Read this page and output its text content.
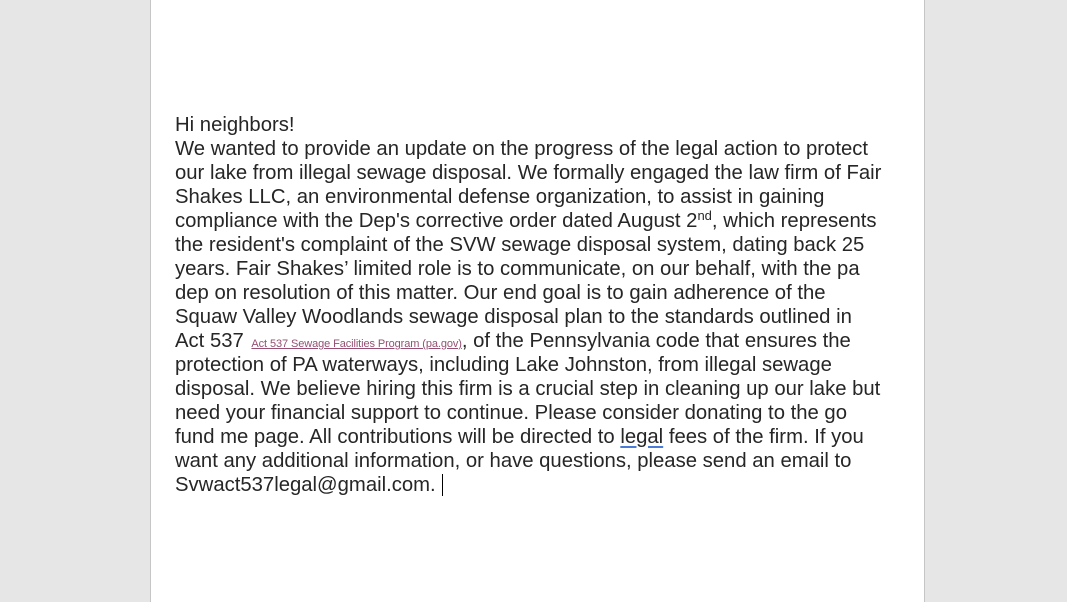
Hi neighbors!
We wanted to provide an update on the progress of the legal action to protect
our lake from illegal sewage disposal. We formally engaged the law firm of Fair
Shakes LLC, an environmental defense organization, to assist in gaining
compliance with the Dep's corrective order dated August 2nd, which represents
the resident's complaint of the SVW sewage disposal system, dating back 25
years. Fair Shakes’ limited role is to communicate, on our behalf, with the pa
dep on resolution of this matter. Our end goal is to gain adherence of the
Squaw Valley Woodlands sewage disposal plan to the standards outlined in
Act 537 Act 537 Sewage Facilities Program (pa.gov), of the Pennsylvania code that ensures the
protection of PA waterways, including Lake Johnston, from illegal sewage
disposal. We believe hiring this firm is a crucial step in cleaning up our lake but
need your financial support to continue. Please consider donating to the go
fund me page. All contributions will be directed to legal fees of the firm. If you
want any additional information, or have questions, please send an email to
Svwact537legal@gmail.com.
